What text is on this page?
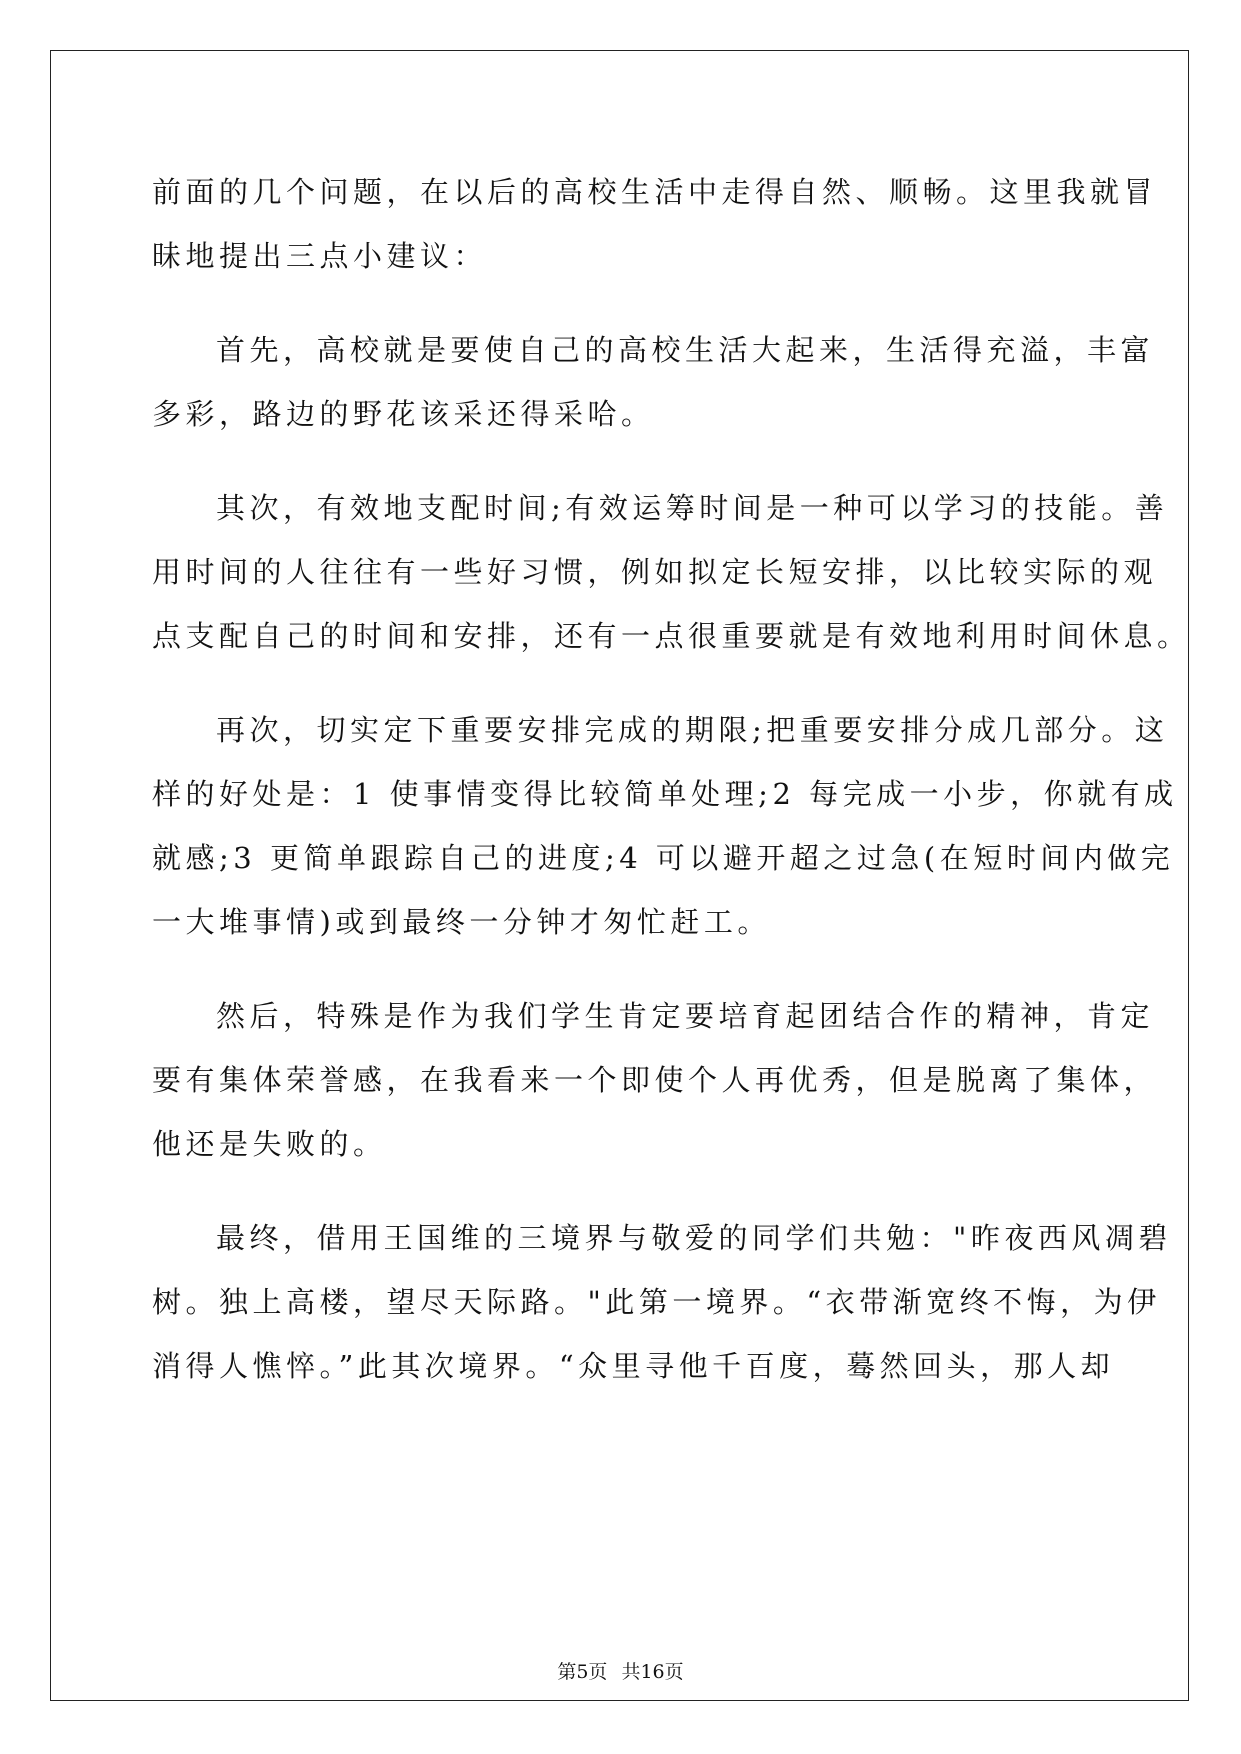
前面的几个问题，在以后的高校生活中走得自然、顺畅。这里我就冒
昧地提出三点小建议：
首先，高校就是要使自己的高校生活大起来，生活得充溢，丰富
多彩，路边的野花该采还得采哈。
其次，有效地支配时间;有效运筹时间是一种可以学习的技能。善
用时间的人往往有一些好习惯，例如拟定长短安排，以比较实际的观
点支配自己的时间和安排，还有一点很重要就是有效地利用时间休息。
再次，切实定下重要安排完成的期限;把重要安排分成几部分。这
样的好处是：1 使事情变得比较简单处理;2 每完成一小步，你就有成
就感;3 更简单跟踪自己的进度;4 可以避开超之过急(在短时间内做完
一大堆事情)或到最终一分钟才匆忙赶工。
然后，特殊是作为我们学生肯定要培育起团结合作的精神，肯定
要有集体荣誉感，在我看来一个即使个人再优秀，但是脱离了集体，
他还是失败的。
最终，借用王国维的三境界与敬爱的同学们共勉："昨夜西风凋碧
树。独上高楼，望尽天际路。"此第一境界。“衣带渐宽终不悔，为伊
消得人憔悴。”此其次境界。“众里寻他千百度，蓦然回头，那人却
第5页 共16页
